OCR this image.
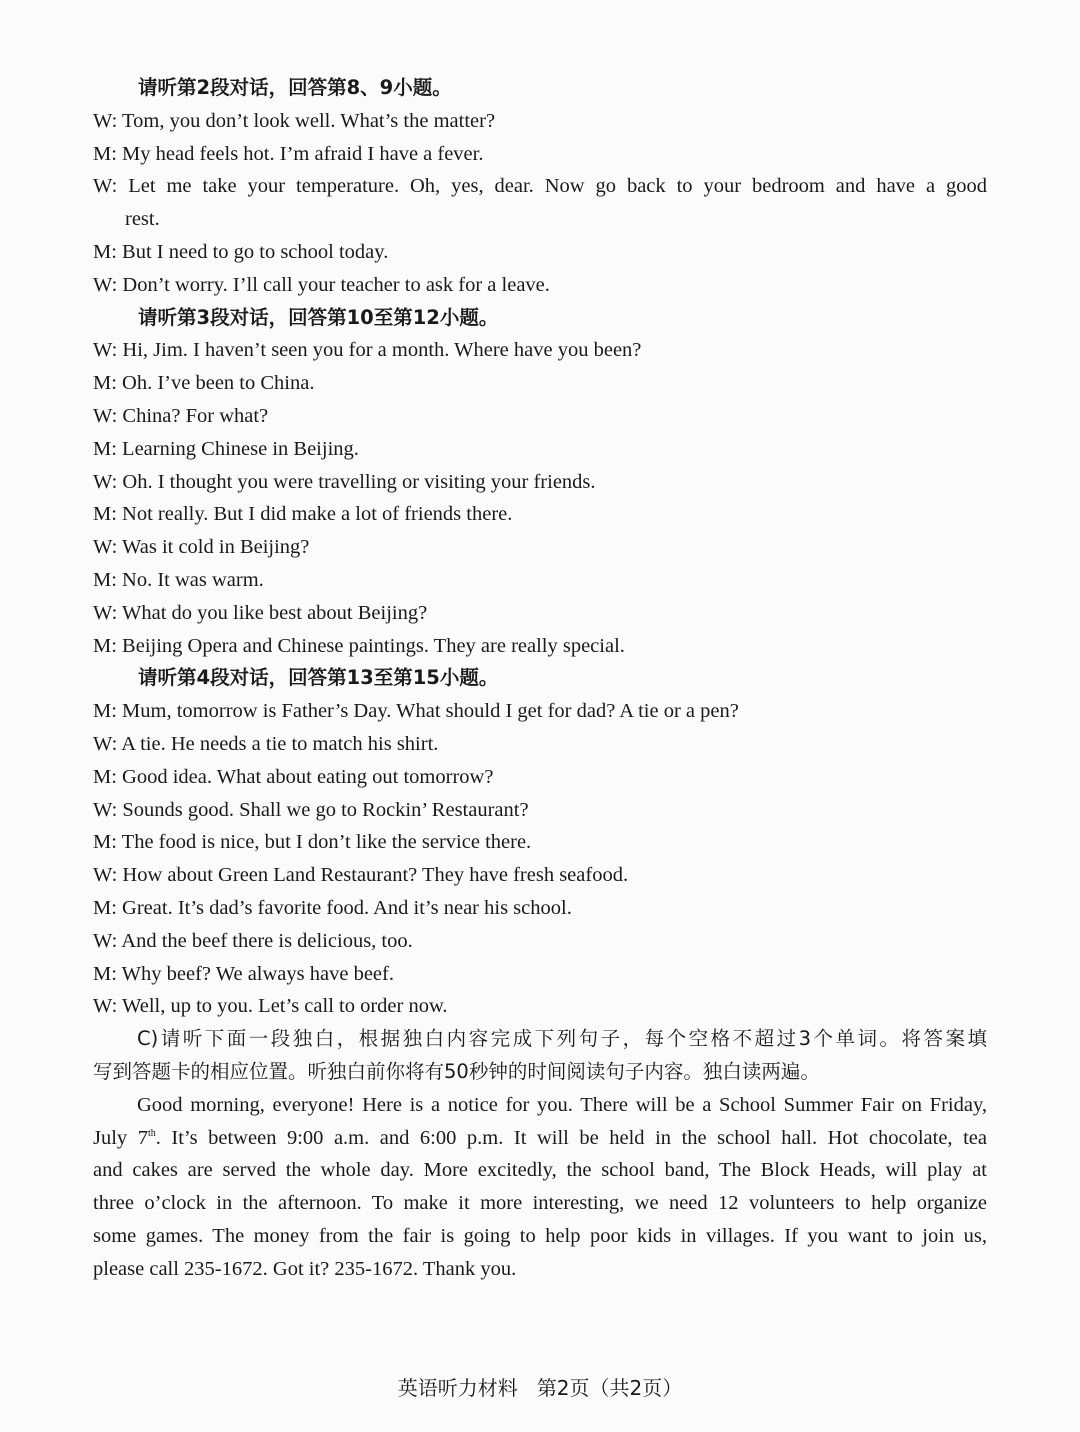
请听第2段对话，回答第8、9小题。
W: Tom, you don’t look well. What’s the matter?
M: My head feels hot. I’m afraid I have a fever.
W: Let me take your temperature. Oh, yes, dear. Now go back to your bedroom and have a good
rest.
M: But I need to go to school today.
W: Don’t worry. I’ll call your teacher to ask for a leave.
请听第3段对话，回答第10至第12小题。
W: Hi, Jim. I haven’t seen you for a month. Where have you been?
M: Oh. I’ve been to China.
W: China? For what?
M: Learning Chinese in Beijing.
W: Oh. I thought you were travelling or visiting your friends.
M: Not really. But I did make a lot of friends there.
W: Was it cold in Beijing?
M: No. It was warm.
W: What do you like best about Beijing?
M: Beijing Opera and Chinese paintings. They are really special.
请听第4段对话，回答第13至第15小题。
M: Mum, tomorrow is Father’s Day. What should I get for dad? A tie or a pen?
W: A tie. He needs a tie to match his shirt.
M: Good idea. What about eating out tomorrow?
W: Sounds good. Shall we go to Rockin’ Restaurant?
M: The food is nice, but I don’t like the service there.
W: How about Green Land Restaurant? They have fresh seafood.
M: Great. It’s dad’s favorite food. And it’s near his school.
W: And the beef there is delicious, too.
M: Why beef? We always have beef.
W: Well, up to you. Let’s call to order now.
C)请听下面一段独白，根据独白内容完成下列句子，每个空格不超过3个单词。将答案填
写到答题卡的相应位置。听独白前你将有50秒钟的时间阅读句子内容。独白读两遍。
Good morning, everyone! Here is a notice for you. There will be a School Summer Fair on Friday,
July 7th. It’s between 9:00 a.m. and 6:00 p.m. It will be held in the school hall. Hot chocolate, tea
and cakes are served the whole day. More excitedly, the school band, The Block Heads, will play at
three o’clock in the afternoon. To make it more interesting, we need 12 volunteers to help organize
some games. The money from the fair is going to help poor kids in villages. If you want to join us,
please call 235-1672. Got it? 235-1672. Thank you.
英语听力材料 第2页（共2页）
